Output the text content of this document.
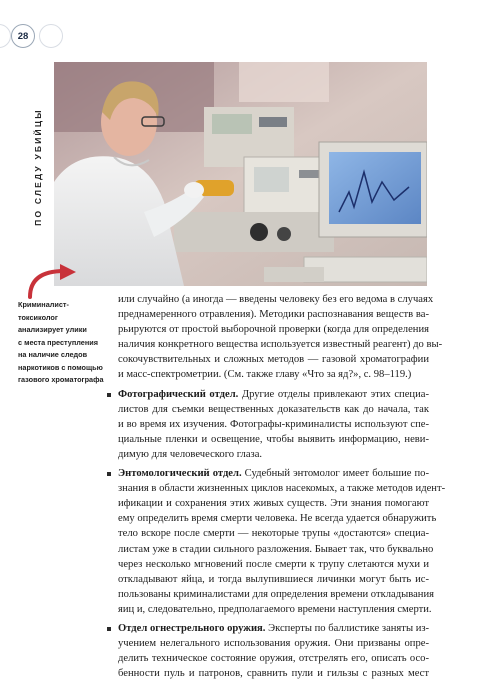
28
ПО СЛЕДУ УБИЙЦЫ
Криминалист-
токсиколог
анализирует улики
с места преступления
на наличие следов
наркотиков с помощью
газового хроматографа
или случайно (а иногда — введены человеку без его ведома в случаях
преднамеренного отравления). Методики распознавания веществ ва-
рьируются от простой выборочной проверки (когда для определения
наличия конкретного вещества используется известный реагент) до вы-
сокочувствительных и сложных методов — газовой хроматографии
и масс-спектрометрии. (См. также главу «Что за яд?», с. 98–119.)
Фотографический отдел. Другие отделы привлекают этих специа-
листов для съемки вещественных доказательств как до начала, так
и во время их изучения. Фотографы-криминалисты используют спе-
циальные пленки и освещение, чтобы выявить информацию, неви-
димую для человеческого глаза.
Энтомологический отдел. Судебный энтомолог имеет большие по-
знания в области жизненных циклов насекомых, а также методов идент-
ификации и сохранения этих живых существ. Эти знания помогают
ему определить время смерти человека. Не всегда удается обнаружить
тело вскоре после смерти — некоторые трупы «достаются» специа-
листам уже в стадии сильного разложения. Бывает так, что буквально
через несколько мгновений после смерти к трупу слетаются мухи и
откладывают яйца, и тогда вылупившиеся личинки могут быть ис-
пользованы криминалистами для определения времени откладывания
яиц и, следовательно, предполагаемого времени наступления смерти.
Отдел огнестрельного оружия. Эксперты по баллистике заняты из-
учением нелегального использования оружия. Они призваны опре-
делить техническое состояние оружия, отстрелять его, описать осо-
бенности пуль и патронов, сравнить пули и гильзы с разных мест
